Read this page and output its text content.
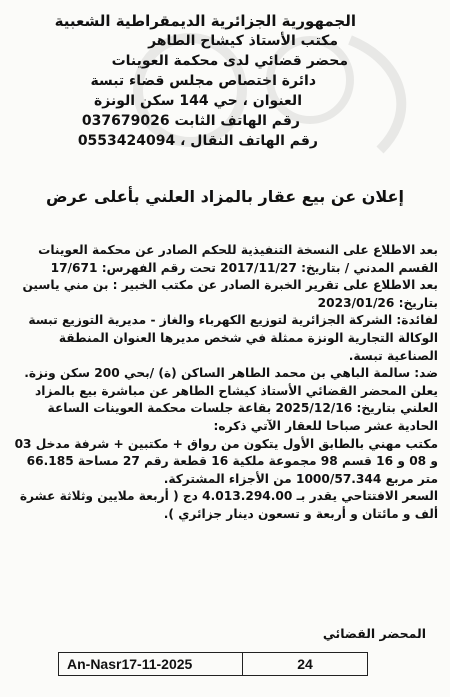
الجمهورية الجزائرية الديمقراطية الشعبية
مكتب الأستاذ كيشاح الطاهر
محضر قضائي لدى محكمة العوينات
دائرة اختصاص مجلس قضاء تبسة
العنوان ، حي 144 سكن الونزة
رقم الهاتف الثابت 037679026
رقم الهاتف النقال ، 0553424094
إعلان عن بيع عقار بالمزاد العلني بأعلى عرض

بعد الاطلاع على النسخة التنفيذية للحكم الصادر عن محكمة العوينات القسم المدني / بتاريخ: 2017/11/27 تحت رقم الفهرس: 17/671

بعد الاطلاع على تقرير الخبرة الصادر عن مكتب الخبير : بن مني ياسين بتاريخ: 2023/01/26

لفائدة: الشركة الجزائرية لتوزيع الكهرباء والغاز - مديرية التوزيع تبسة الوكالة التجارية الونزة ممثلة في شخص مديرها العنوان المنطقة الصناعية تبسة.

ضد: سالمة الباهي بن محمد الطاهر الساكن (ة) /بحي 200 سكن ونزة.

يعلن المحضر القضائي الأستاذ كيشاح الطاهر عن مباشرة بيع بالمزاد العلني بتاريخ: 2025/12/16 بقاعة جلسات محكمة العوينات الساعة الحادية عشر صباحا للعقار الآتي ذكره:

مكتب مهني بالطابق الأول يتكون من رواق + مكتبين + شرفة مدخل 03 و 08 و 16 قسم 98 مجموعة ملكية 16 قطعة رقم 27 مساحة 66.185 متر مربع 1000/57.344 من الأجزاء المشتركة.

السعر الافتتاحي يقدر بـ 4.013.294.00 دج ( أربعة ملايين وثلاثة عشرة ألف و مائتان و أربعة و تسعون دينار جزائري ).

المحضر القضائي
An-Nasr17-11-2025	24
